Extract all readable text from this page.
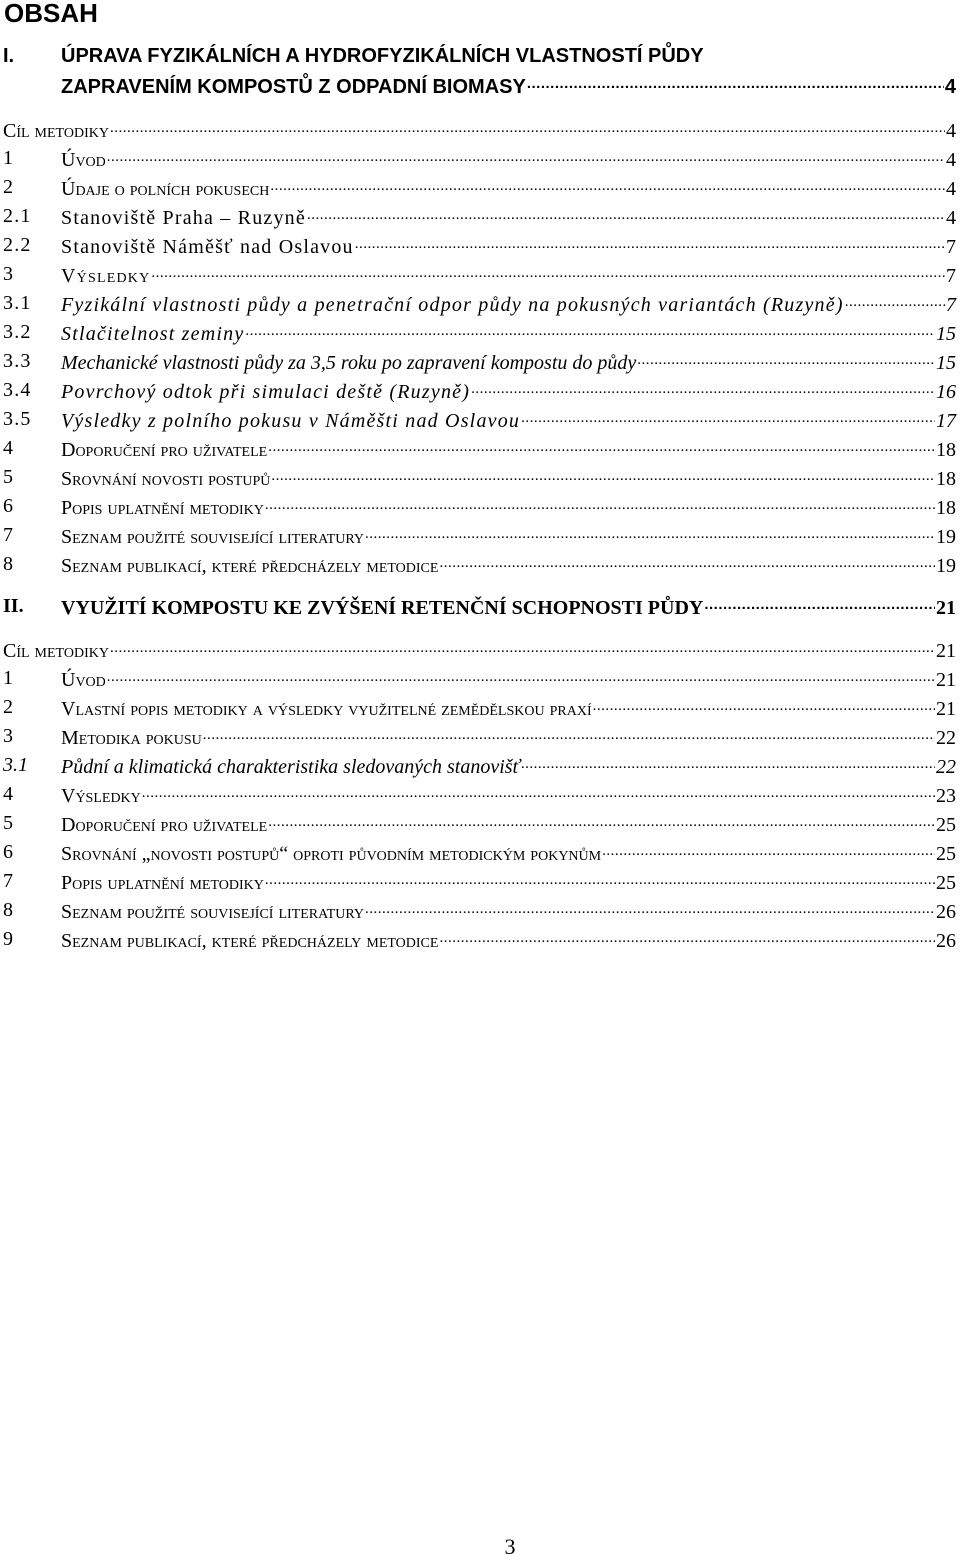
OBSAH
I. ÚPRAVA FYZIKÁLNÍCH A HYDROFYZIKÁLNÍCH VLASTNOSTÍ PŮDY
ZAPRAVENÍM KOMPOSTŮ Z ODPADNÍ BIOMASY .....	4
Cíl metodiky .....	4
1 Úvod .....	4
2 Údaje o polních pokusech .....	4
2.1 Stanoviště Praha – Ruzyně .....	4
2.2 Stanoviště Náměšť nad Oslavou .....	7
3 Výsledky .....	7
3.1 Fyzikální vlastnosti půdy a penetrační odpor půdy na pokusných variantách (Ruzyně) .....	7
3.2 Stlačitelnost zeminy .....	15
3.3 Mechanické vlastnosti půdy za 3,5 roku po zapravení kompostu do půdy .....	15
3.4 Povrchový odtok při simulaci deště (Ruzyně) .....	16
3.5 Výsledky z polního pokusu v Náměšti nad Oslavou .....	17
4 Doporučení pro uživatele .....	18
5 Srovnání novosti postupů .....	18
6 Popis uplatnění metodiky .....	18
7 Seznam použité související literatury .....	19
8 Seznam publikací, které předcházely metodice .....	19
II. VYUŽITÍ KOMPOSTU KE ZVÝŠENÍ RETENČNÍ SCHOPNOSTI PŮDY .....	21
Cíl metodiky .....	21
1 Úvod .....	21
2 Vlastní popis metodiky a výsledky využitelné zemědělskou praxí .....	21
3 Metodika pokusu .....	22
3.1 Půdní a klimatická charakteristika sledovaných stanovišť .....	22
4 Výsledky .....	23
5 Doporučení pro uživatele .....	25
6 Srovnání „novosti postupů“ oproti původním metodickým pokynům .....	25
7 Popis uplatnění metodiky .....	25
8 Seznam použité související literatury .....	26
9 Seznam publikací, které předcházely metodice .....	26
3
